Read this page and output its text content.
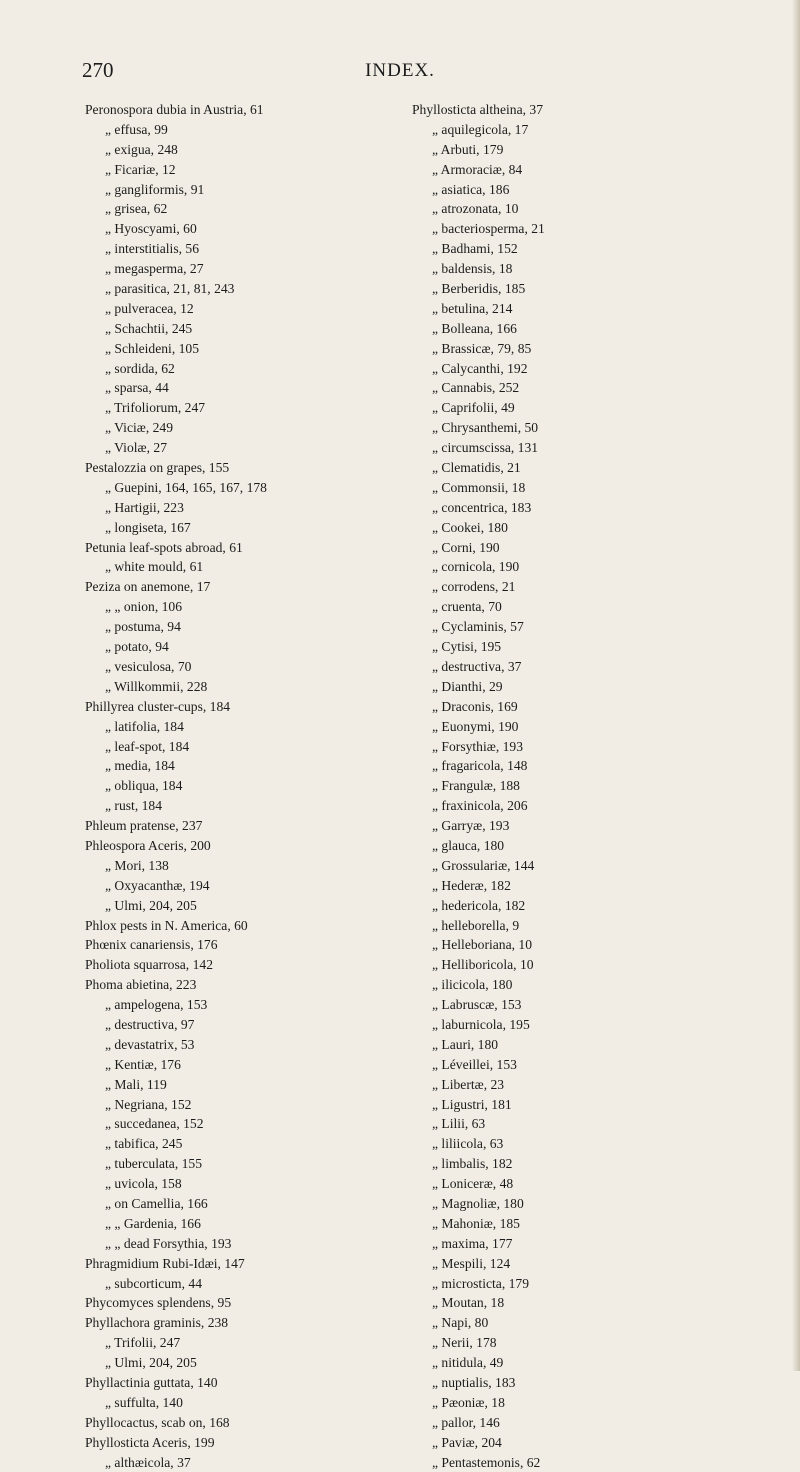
270	INDEX.
Peronospora dubia in Austria, 61
„ effusa, 99
„ exigua, 248
„ Ficariæ, 12
„ gangliformis, 91
„ grisea, 62
„ Hyoscyami, 60
„ interstitialis, 56
„ megasperma, 27
„ parasitica, 21, 81, 243
„ pulveracea, 12
„ Schachtii, 245
„ Schleideni, 105
„ sordida, 62
„ sparsa, 44
„ Trifoliorum, 247
„ Viciæ, 249
„ Violæ, 27
Pestalozzia on grapes, 155
„ Guepini, 164, 165, 167, 178
„ Hartigii, 223
„ longiseta, 167
Petunia leaf-spots abroad, 61
„ white mould, 61
Peziza on anemone, 17
„ „ onion, 106
„ postuma, 94
„ potato, 94
„ vesiculosa, 70
„ Willkommii, 228
Phillyrea cluster-cups, 184
„ latifolia, 184
„ leaf-spot, 184
„ media, 184
„ obliqua, 184
„ rust, 184
Phleum pratense, 237
Phleospora Aceris, 200
„ Mori, 138
„ Oxyacanthæ, 194
„ Ulmi, 204, 205
Phlox pests in N. America, 60
Phœnix canariensis, 176
Pholiota squarrosa, 142
Phoma abietina, 223
„ ampelogena, 153
„ destructiva, 97
„ devastatrix, 53
„ Kentiæ, 176
„ Mali, 119
„ Negriana, 152
„ succedanea, 152
„ tabifica, 245
„ tuberculata, 155
„ uvicola, 158
„ on Camellia, 166
„ „ Gardenia, 166
„ „ dead Forsythia, 193
Phragmidium Rubi-Idæi, 147
„ subcorticum, 44
Phycomyces splendens, 95
Phyllachora graminis, 238
„ Trifolii, 247
„ Ulmi, 204, 205
Phyllactinia guttata, 140
„ suffulta, 140
Phyllocactus, scab on, 168
Phyllosticta Aceris, 199
„ althæicola, 37
Phyllosticta altheina, 37
„ aquilegicola, 17
„ Arbuti, 179
„ Armoraciæ, 84
„ asiatica, 186
„ atrozonata, 10
„ bacteriosperma, 21
„ Badhami, 152
„ baldensis, 18
„ Berberidis, 185
„ betulina, 214
„ Bolleana, 166
„ Brassicæ, 79, 85
„ Calycanthi, 192
„ Cannabis, 252
„ Caprifolii, 49
„ Chrysanthemi, 50
„ circumscissa, 131
„ Clematidis, 21
„ Commonsii, 18
„ concentrica, 183
„ Cookei, 180
„ Corni, 190
„ cornicola, 190
„ corrodens, 21
„ cruenta, 70
„ Cyclaminis, 57
„ Cytisi, 195
„ destructiva, 37
„ Dianthi, 29
„ Draconis, 169
„ Euonymi, 190
„ Forsythiæ, 193
„ fragaricola, 148
„ Frangulæ, 188
„ fraxinicola, 206
„ Garryæ, 193
„ glauca, 180
„ Grossulariæ, 144
„ Hederæ, 182
„ hedericola, 182
„ helleborella, 9
„ Helleboriana, 10
„ Helliboricola, 10
„ ilicicola, 180
„ Labruscæ, 153
„ laburnicola, 195
„ Lauri, 180
„ Léveillei, 153
„ Libertæ, 23
„ Ligustri, 181
„ Lilii, 63
„ liliicola, 63
„ limbalis, 182
„ Loniceræ, 48
„ Magnoliæ, 180
„ Mahoniæ, 185
„ maxima, 177
„ Mespili, 124
„ microsticta, 179
„ Moutan, 18
„ Napi, 80
„ Nerii, 178
„ nitidula, 49
„ nuptialis, 183
„ Pæoniæ, 18
„ pallor, 146
„ Paviæ, 204
„ Pentastemonis, 62
